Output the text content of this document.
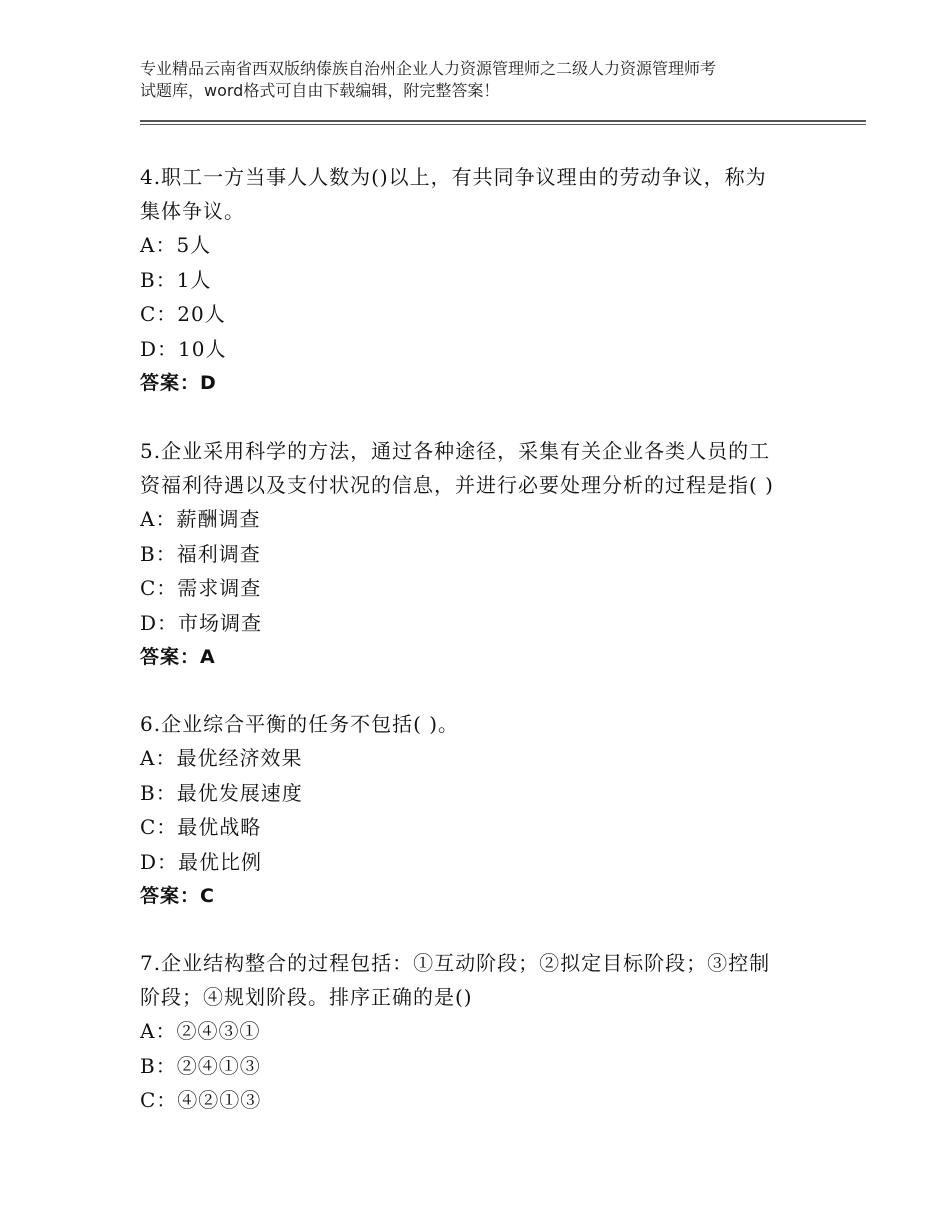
专业精品云南省西双版纳傣族自治州企业人力资源管理师之二级人力资源管理师考
试题库，word格式可自由下载编辑，附完整答案！

4.职工一方当事人人数为()以上，有共同争议理由的劳动争议，称为

集体争议。

A：5人

B：1人

C：20人

D：10人

答案：D

5.企业采用科学的方法，通过各种途径，采集有关企业各类人员的工

资福利待遇以及支付状况的信息，并进行必要处理分析的过程是指( )

A：薪酬调查

B：福利调查

C：需求调查

D：市场调查

答案：A

6.企业综合平衡的任务不包括( )。

A：最优经济效果

B：最优发展速度

C：最优战略

D：最优比例

答案：C

7.企业结构整合的过程包括：①互动阶段；②拟定目标阶段；③控制

阶段；④规划阶段。排序正确的是()

A：②④③①

B：②④①③

C：④②①③
